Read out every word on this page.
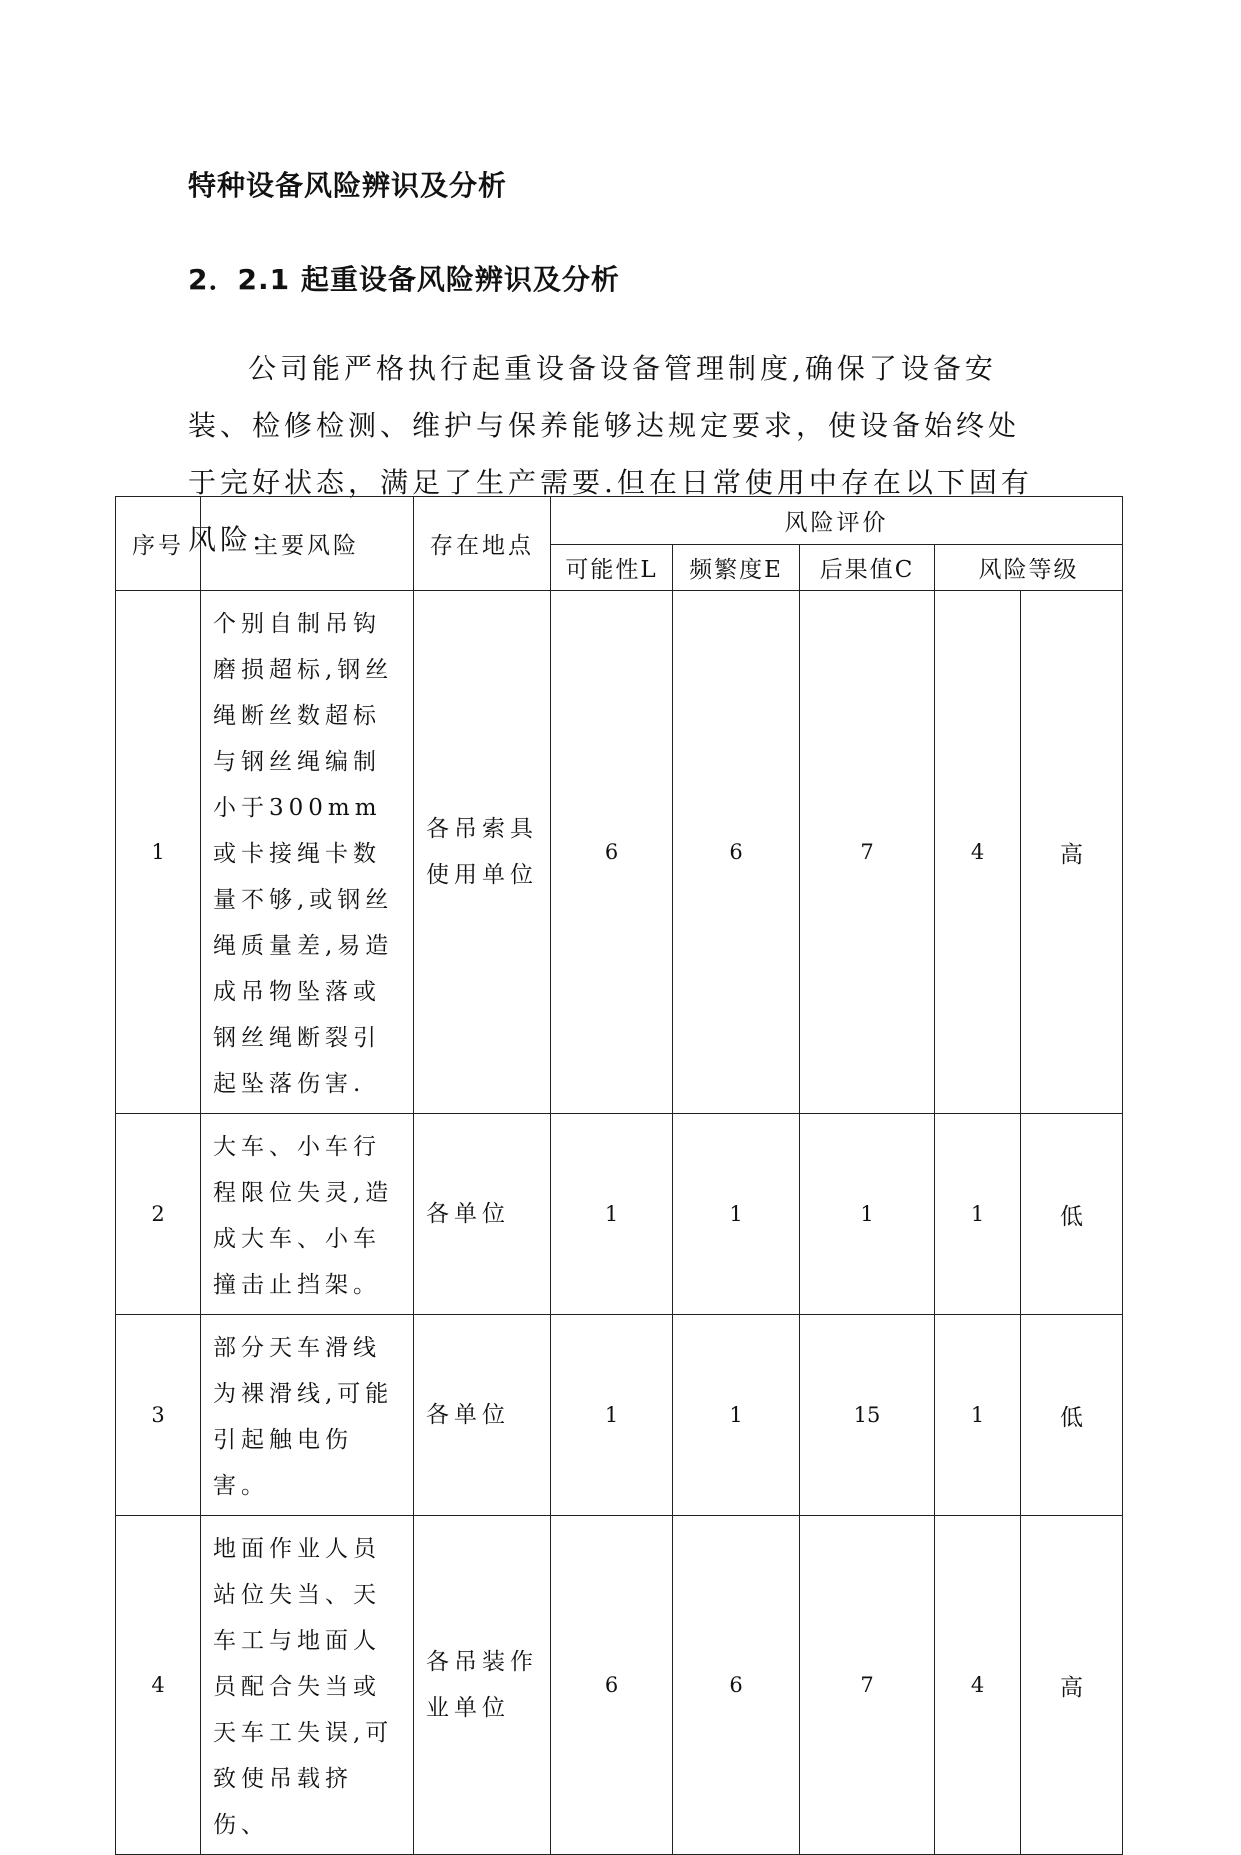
特种设备风险辨识及分析
2．2.1 起重设备风险辨识及分析

公司能严格执行起重设备设备管理制度,确保了设备安装、检修检测、维护与保养能够达规定要求，使设备始终处于完好状态，满足了生产需要.但在日常使用中存在以下固有风险:

序号	主要风险	存在地点	风险评价				
			可能性L	频繁度E	后果值C	风险等级	
1	个别自制吊钩磨损超标,钢丝绳断丝数超标与钢丝绳编制小于300mm或卡接绳卡数量不够,或钢丝绳质量差,易造成吊物坠落或钢丝绳断裂引起坠落伤害.	各吊索具使用单位	6	6	7	4	高
2	大车、小车行程限位失灵,造成大车、小车撞击止挡架。	各单位	1	1	1	1	低
3	部分天车滑线为裸滑线,可能引起触电伤害。	各单位	1	1	15	1	低
4	地面作业人员站位失当、天车工与地面人员配合失当或天车工失误,可致使吊载挤伤、	各吊装作业单位	6	6	7	4	高
